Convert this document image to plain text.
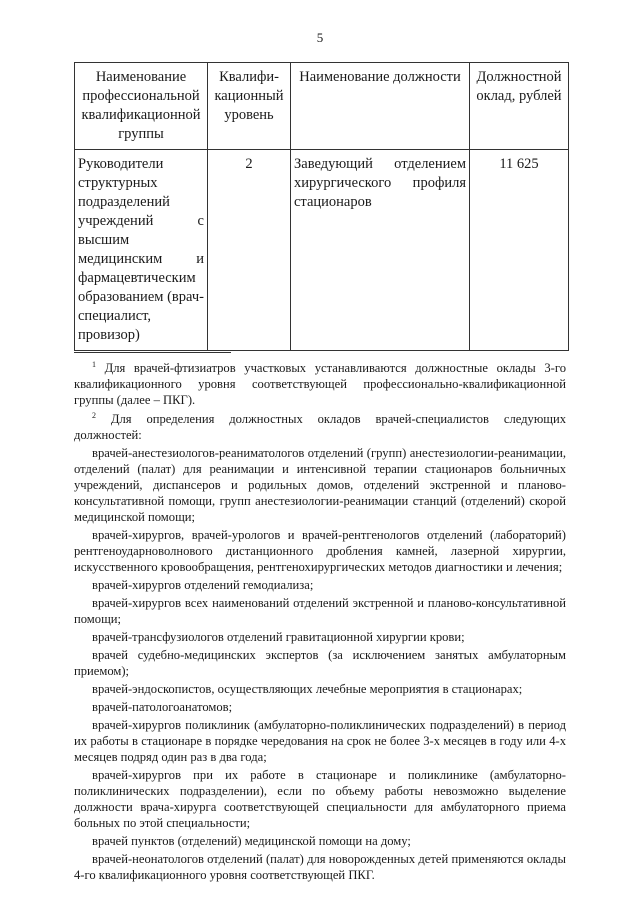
5
Наименование профессиональной квалификационной группы	Квалифи-кационный уровень	Наименование должности	Должностной оклад, рублей
Руководители структурных подразделений учреждений с высшим медицинским и фармацевтическим образованием (врач-специалист, провизор)	2	Заведующий отделением хирургического профиля стационаров	11 625

$^1$ Для врачей-фтизиатров участковых устанавливаются должностные оклады 3-го квалификационного уровня соответствующей профессионально-квалификационной группы (далее – ПКГ).

$^2$ Для определения должностных окладов врачей-специалистов следующих должностей:

врачей-анестезиологов-реаниматологов отделений (групп) анестезиологии-реанимации, отделений (палат) для реанимации и интенсивной терапии стационаров больничных учреждений, диспансеров и родильных домов, отделений экстренной и планово-консультативной помощи, групп анестезиологии-реанимации станций (отделений) скорой медицинской помощи;

врачей-хирургов, врачей-урологов и врачей-рентгенологов отделений (лабораторий) рентгеноударноволнового дистанционного дробления камней, лазерной хирургии, искусственного кровообращения, рентгенохирургических методов диагностики и лечения;

врачей-хирургов отделений гемодиализа;

врачей-хирургов всех наименований отделений экстренной и планово-консультативной помощи;

врачей-трансфузиологов отделений гравитационной хирургии крови;

врачей судебно-медицинских экспертов (за исключением занятых амбулаторным приемом);

врачей-эндоскопистов, осуществляющих лечебные мероприятия в стационарах;

врачей-патологоанатомов;

врачей-хирургов поликлиник (амбулаторно-поликлинических подразделений) в период их работы в стационаре в порядке чередования на срок не более 3-х месяцев в году или 4-х месяцев подряд один раз в два года;

врачей-хирургов при их работе в стационаре и поликлинике (амбулаторно-поликлинических подразделении), если по объему работы невозможно выделение должности врача-хирурга соответствующей специальности для амбулаторного приема больных по этой специальности;

врачей пунктов (отделений) медицинской помощи на дому;

врачей-неонатологов отделений (палат) для новорожденных детей применяются оклады 4-го квалификационного уровня соответствующей ПКГ.
